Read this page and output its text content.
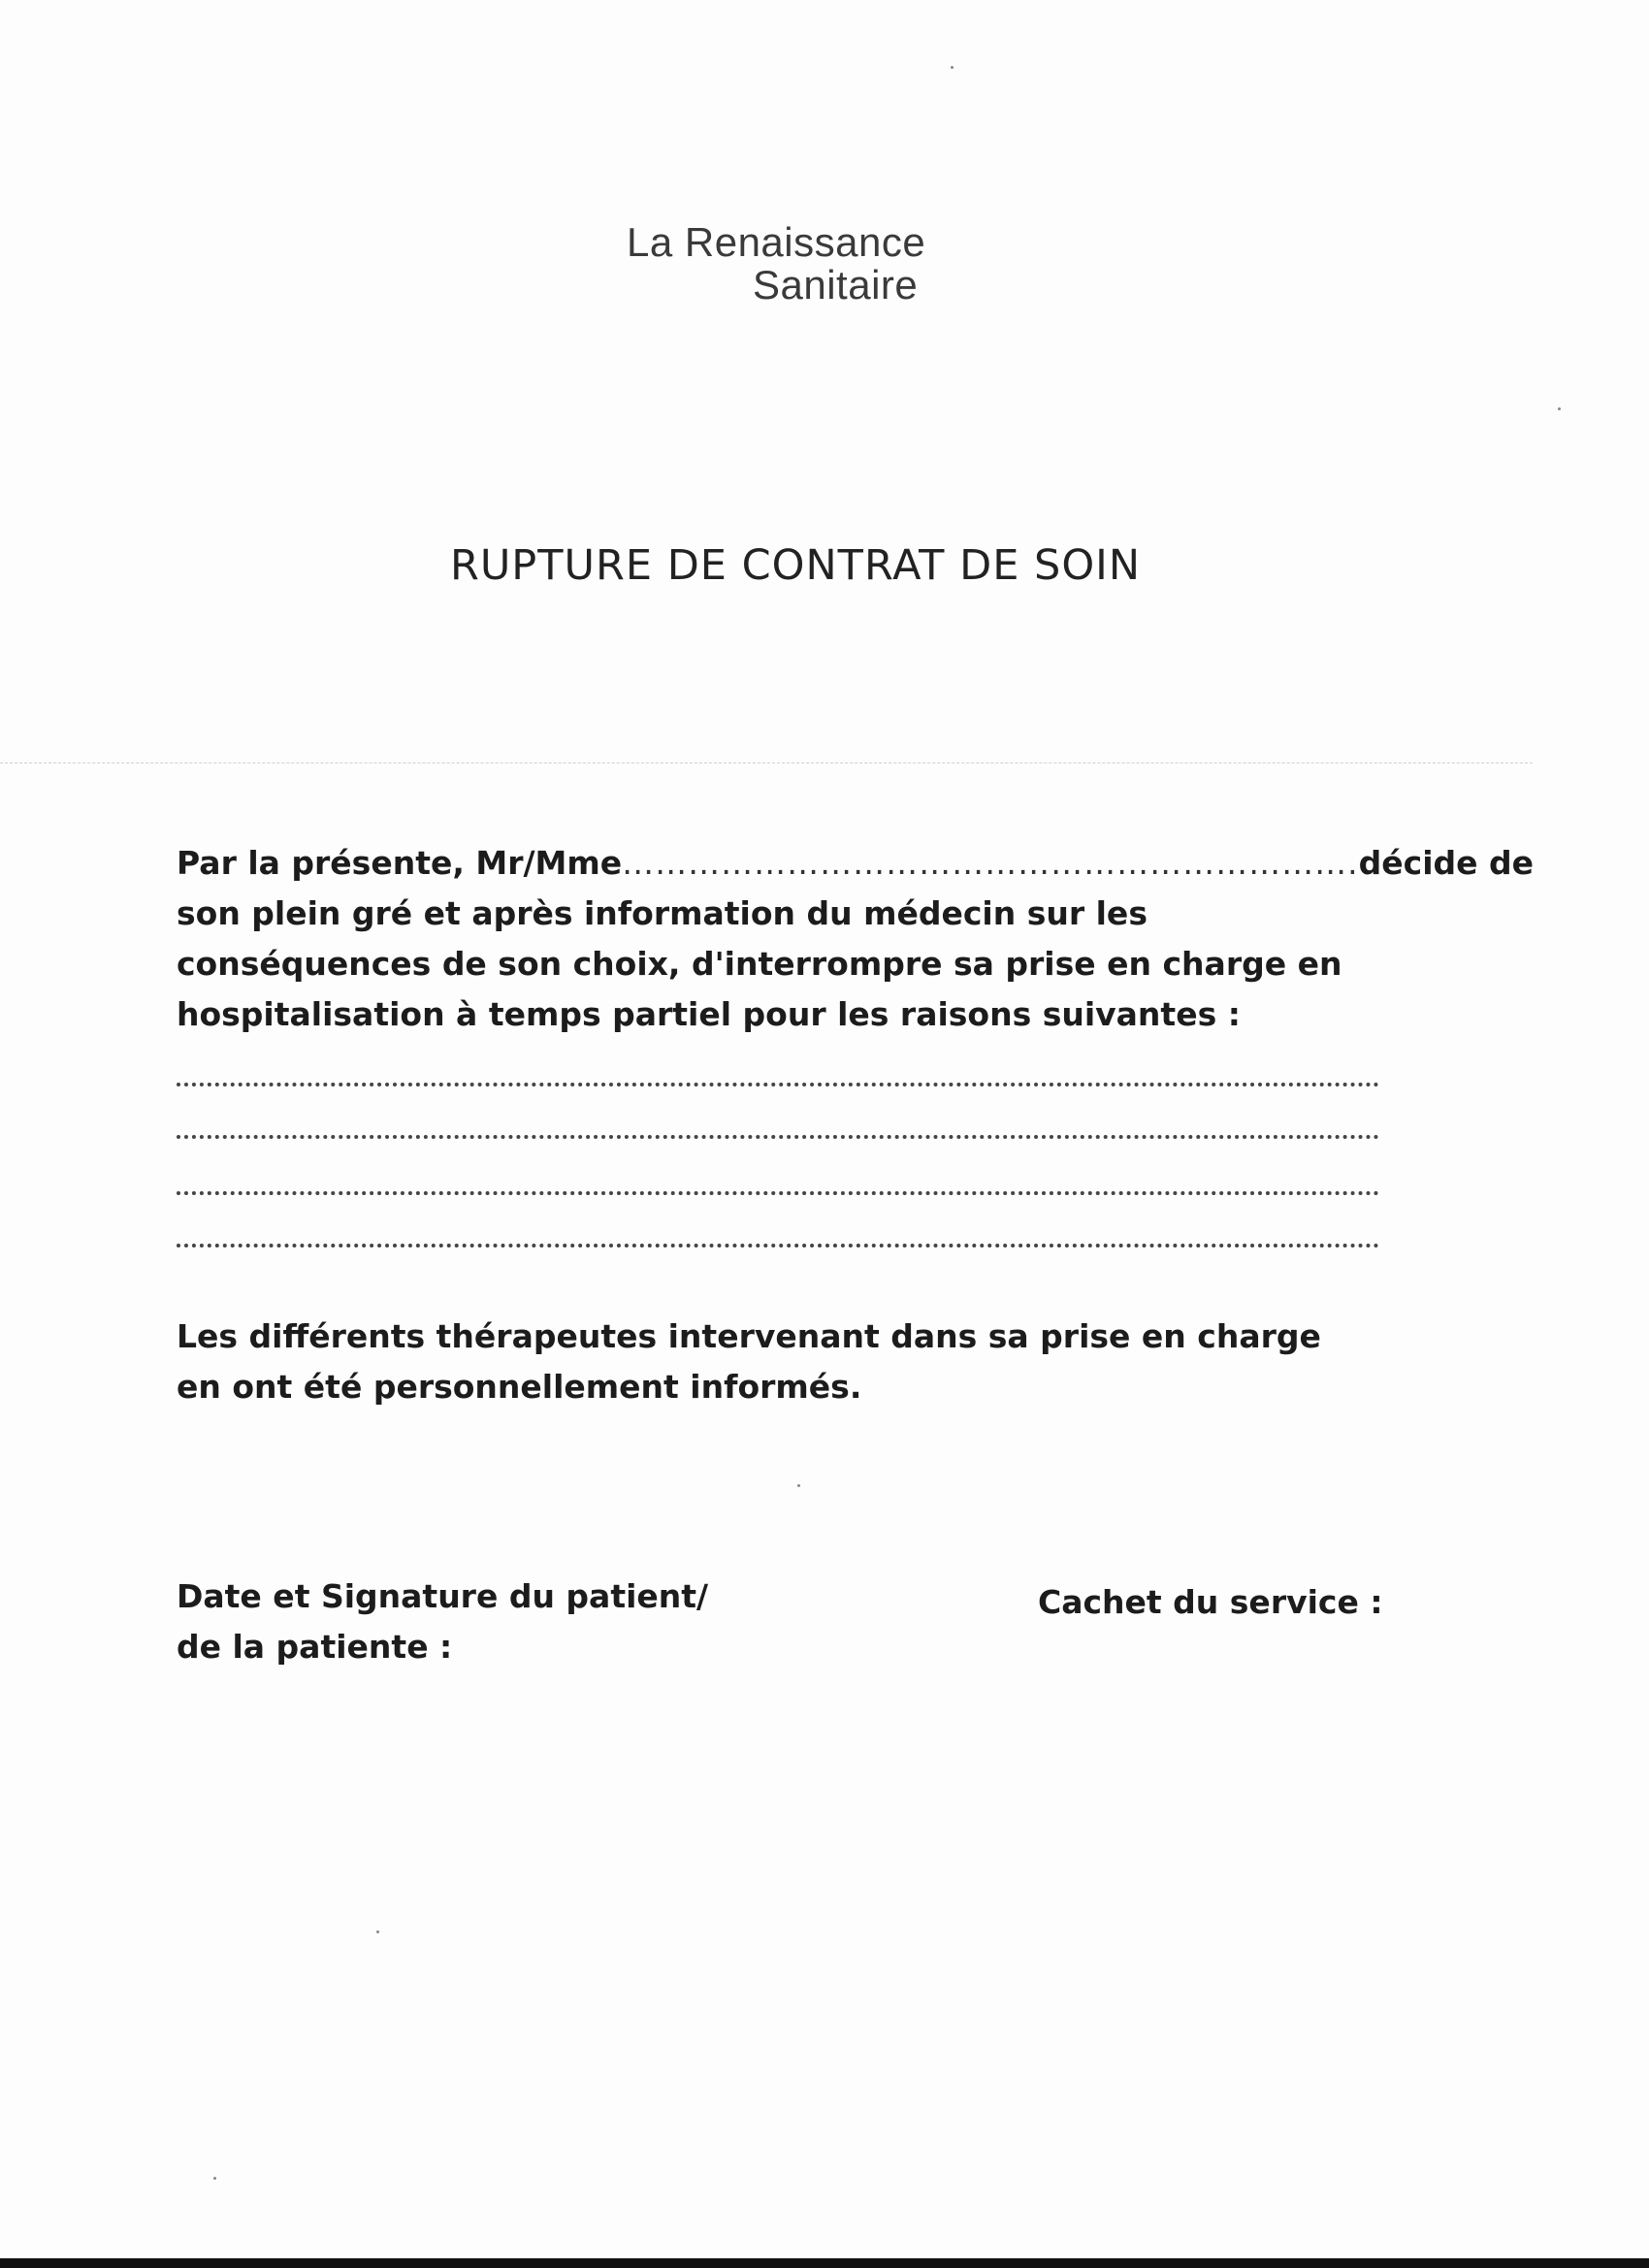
La Renaissance
Sanitaire
RUPTURE DE CONTRAT DE SOIN
Par la présente, Mr/Mme …………………………………………………………. décide de
son plein gré et après information du médecin sur les
conséquences de son choix, d'interrompre sa prise en charge en
hospitalisation à temps partiel pour les raisons suivantes :
Les différents thérapeutes intervenant dans sa prise en charge
en ont été personnellement informés.
Date et Signature du patient/
de la patiente :
Cachet du service :
